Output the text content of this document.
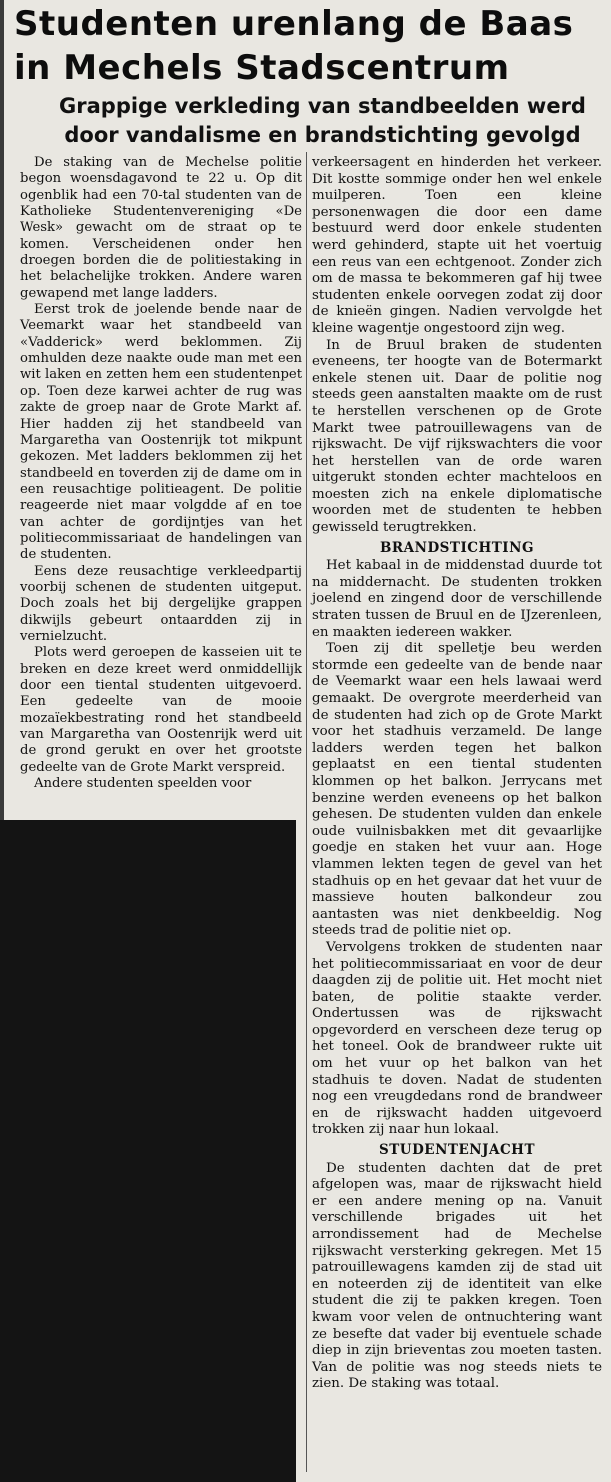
Studenten urenlang de Baas in Mechels Stadscentrum
Grappige verkleding van standbeelden werd door vandalisme en brandstichting gevolgd

De staking van de Mechelse politie begon woensdagavond te 22 u. Op dit ogenblik had een 70-tal studenten van de Katholieke Studentenvereniging «De Wesk» gewacht om de straat op te komen. Verscheidenen onder hen droegen borden die de politiestaking in het belachelijke trokken. Andere waren gewapend met lange ladders.

Eerst trok de joelende bende naar de Veemarkt waar het standbeeld van «Vadderick» werd beklommen. Zij omhulden deze naakte oude man met een wit laken en zetten hem een studentenpet op. Toen deze karwei achter de rug was zakte de groep naar de Grote Markt af. Hier hadden zij het standbeeld van Margaretha van Oostenrijk tot mikpunt gekozen. Met ladders beklommen zij het standbeeld en toverden zij de dame om in een reusachtige politieagent. De politie reageerde niet maar volgdde af en toe van achter de gordijntjes van het politiecommissariaat de handelingen van de studenten.

Eens deze reusachtige verkleedpartij voorbij schenen de studenten uitgeput. Doch zoals het bij dergelijke grappen dikwijls gebeurt ontaardden zij in vernielzucht.

Plots werd geroepen de kasseien uit te breken en deze kreet werd onmiddellijk door een tiental studenten uitgevoerd. Een gedeelte van de mooie mozaïekbestrating rond het standbeeld van Margaretha van Oostenrijk werd uit de grond gerukt en over het grootste gedeelte van de Grote Markt verspreid.

Andere studenten speelden voor

verkeersagent en hinderden het verkeer. Dit kostte sommige onder hen wel enkele muilperen. Toen een kleine personenwagen die door een dame bestuurd werd door enkele studenten werd gehinderd, stapte uit het voertuig een reus van een echtgenoot. Zonder zich om de massa te bekommeren gaf hij twee studenten enkele oorvegen zodat zij door de knieën gingen. Nadien vervolgde het kleine wagentje ongestoord zijn weg.

In de Bruul braken de studenten eveneens, ter hoogte van de Botermarkt enkele stenen uit. Daar de politie nog steeds geen aanstalten maakte om de rust te herstellen verschenen op de Grote Markt twee patrouillewagens van de rijkswacht. De vijf rijkswachters die voor het herstellen van de orde waren uitgerukt stonden echter machteloos en moesten zich na enkele diplomatische woorden met de studenten te hebben gewisseld terugtrekken.

BRANDSTICHTING

Het kabaal in de middenstad duurde tot na middernacht. De studenten trokken joelend en zingend door de verschillende straten tussen de Bruul en de IJzerenleen, en maakten iedereen wakker.

Toen zij dit spelletje beu werden stormde een gedeelte van de bende naar de Veemarkt waar een hels lawaai werd gemaakt. De overgrote meerderheid van de studenten had zich op de Grote Markt voor het stadhuis verzameld. De lange ladders werden tegen het balkon geplaatst en een tiental studenten klommen op het balkon. Jerrycans met benzine werden eveneens op het balkon gehesen. De studenten vulden dan enkele oude vuilnisbakken met dit gevaarlijke goedje en staken het vuur aan. Hoge vlammen lekten tegen de gevel van het stadhuis op en het gevaar dat het vuur de massieve houten balkondeur zou aantasten was niet denkbeeldig. Nog steeds trad de politie niet op.

Vervolgens trokken de studenten naar het politiecommissariaat en voor de deur daagden zij de politie uit. Het mocht niet baten, de politie staakte verder. Ondertussen was de rijkswacht opgevorderd en verscheen deze terug op het toneel. Ook de brandweer rukte uit om het vuur op het balkon van het stadhuis te doven. Nadat de studenten nog een vreugdedans rond de brandweer en de rijkswacht hadden uitgevoerd trokken zij naar hun lokaal.

STUDENTENJACHT

De studenten dachten dat de pret afgelopen was, maar de rijkswacht hield er een andere mening op na. Vanuit verschillende brigades uit het arrondissement had de Mechelse rijkswacht versterking gekregen. Met 15 patrouillewagens kamden zij de stad uit en noteerden zij de identiteit van elke student die zij te pakken kregen. Toen kwam voor velen de ontnuchtering want ze besefte dat vader bij eventuele schade diep in zijn brieventas zou moeten tasten. Van de politie was nog steeds niets te zien. De staking was totaal.
